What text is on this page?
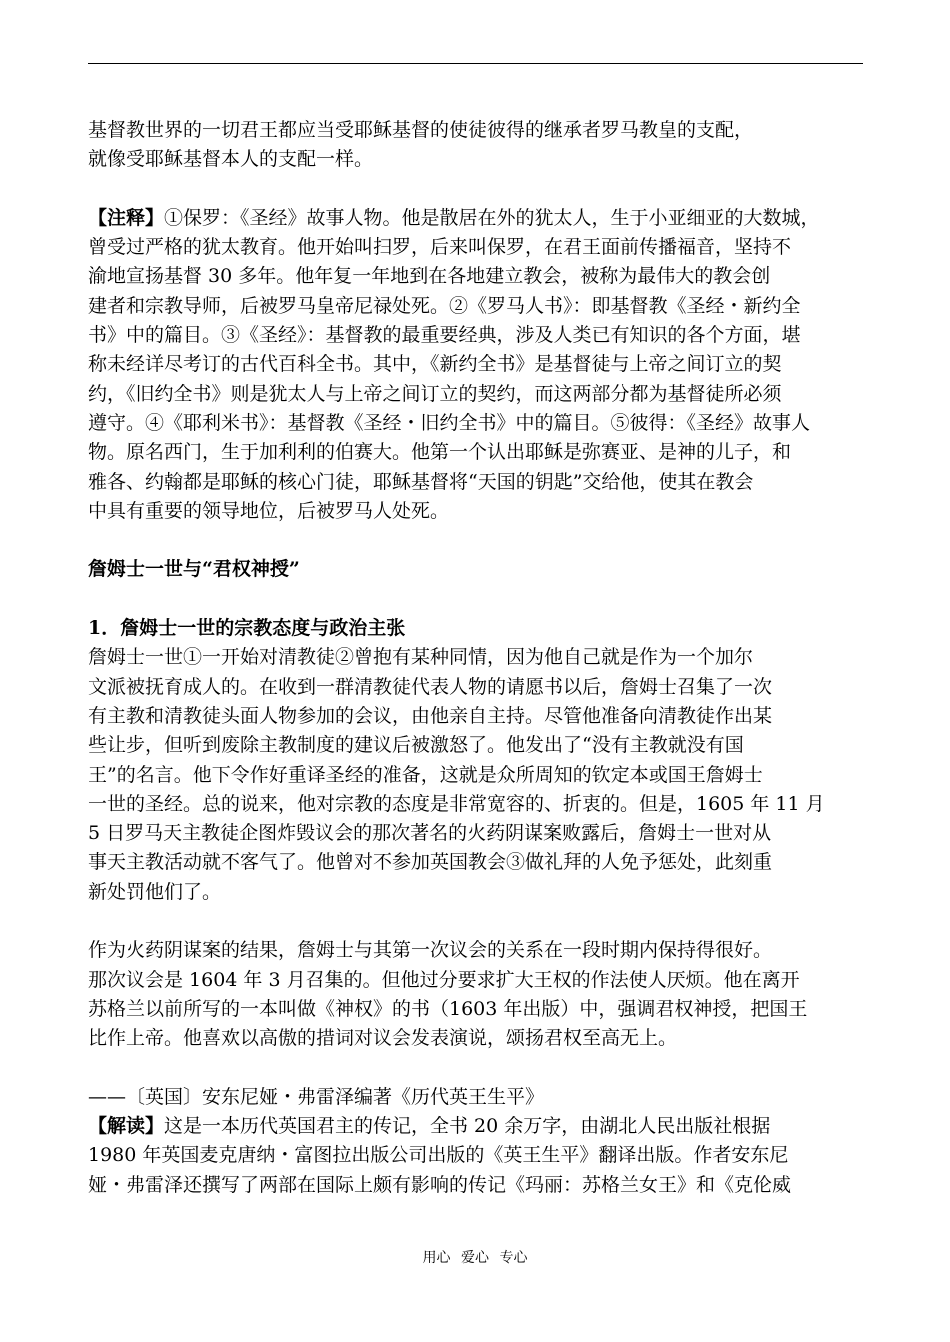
基督教世界的一切君王都应当受耶稣基督的使徒彼得的继承者罗马教皇的支配，
就像受耶稣基督本人的支配一样。
【注释】①保罗：《圣经》故事人物。他是散居在外的犹太人，生于小亚细亚的大数城，
曾受过严格的犹太教育。他开始叫扫罗，后来叫保罗，在君王面前传播福音，坚持不
渝地宣扬基督 30 多年。他年复一年地到在各地建立教会，被称为最伟大的教会创
建者和宗教导师，后被罗马皇帝尼禄处死。②《罗马人书》：即基督教《圣经・新约全
书》中的篇目。③《圣经》：基督教的最重要经典，涉及人类已有知识的各个方面，堪
称未经详尽考订的古代百科全书。其中，《新约全书》是基督徒与上帝之间订立的契
约，《旧约全书》则是犹太人与上帝之间订立的契约，而这两部分都为基督徒所必须
遵守。④《耶利米书》：基督教《圣经・旧约全书》中的篇目。⑤彼得：《圣经》故事人
物。原名西门，生于加利利的伯赛大。他第一个认出耶稣是弥赛亚、是神的儿子，和
雅各、约翰都是耶稣的核心门徒，耶稣基督将“天国的钥匙”交给他，使其在教会
中具有重要的领导地位，后被罗马人处死。
詹姆士一世与“君权神授”
1．詹姆士一世的宗教态度与政治主张
詹姆士一世①一开始对清教徒②曾抱有某种同情，因为他自己就是作为一个加尔
文派被抚育成人的。在收到一群清教徒代表人物的请愿书以后，詹姆士召集了一次
有主教和清教徒头面人物参加的会议，由他亲自主持。尽管他准备向清教徒作出某
些让步，但听到废除主教制度的建议后被激怒了。他发出了“没有主教就没有国
王”的名言。他下令作好重译圣经的准备，这就是众所周知的钦定本或国王詹姆士
一世的圣经。总的说来，他对宗教的态度是非常宽容的、折衷的。但是，1605 年 11 月
5 日罗马天主教徒企图炸毁议会的那次著名的火药阴谋案败露后，詹姆士一世对从
事天主教活动就不客气了。他曾对不参加英国教会③做礼拜的人免予惩处，此刻重
新处罚他们了。
作为火药阴谋案的结果，詹姆士与其第一次议会的关系在一段时期内保持得很好。
那次议会是 1604 年 3 月召集的。但他过分要求扩大王权的作法使人厌烦。他在离开
苏格兰以前所写的一本叫做《神权》的书（1603 年出版）中，强调君权神授，把国王
比作上帝。他喜欢以高傲的措词对议会发表演说，颂扬君权至高无上。
——〔英国〕安东尼娅・弗雷泽编著《历代英王生平》
【解读】这是一本历代英国君主的传记，全书 20 余万字，由湖北人民出版社根据
1980 年英国麦克唐纳・富图拉出版公司出版的《英王生平》翻译出版。作者安东尼
娅・弗雷泽还撰写了两部在国际上颇有影响的传记《玛丽：苏格兰女王》和《克伦威
用心 爱心 专心
